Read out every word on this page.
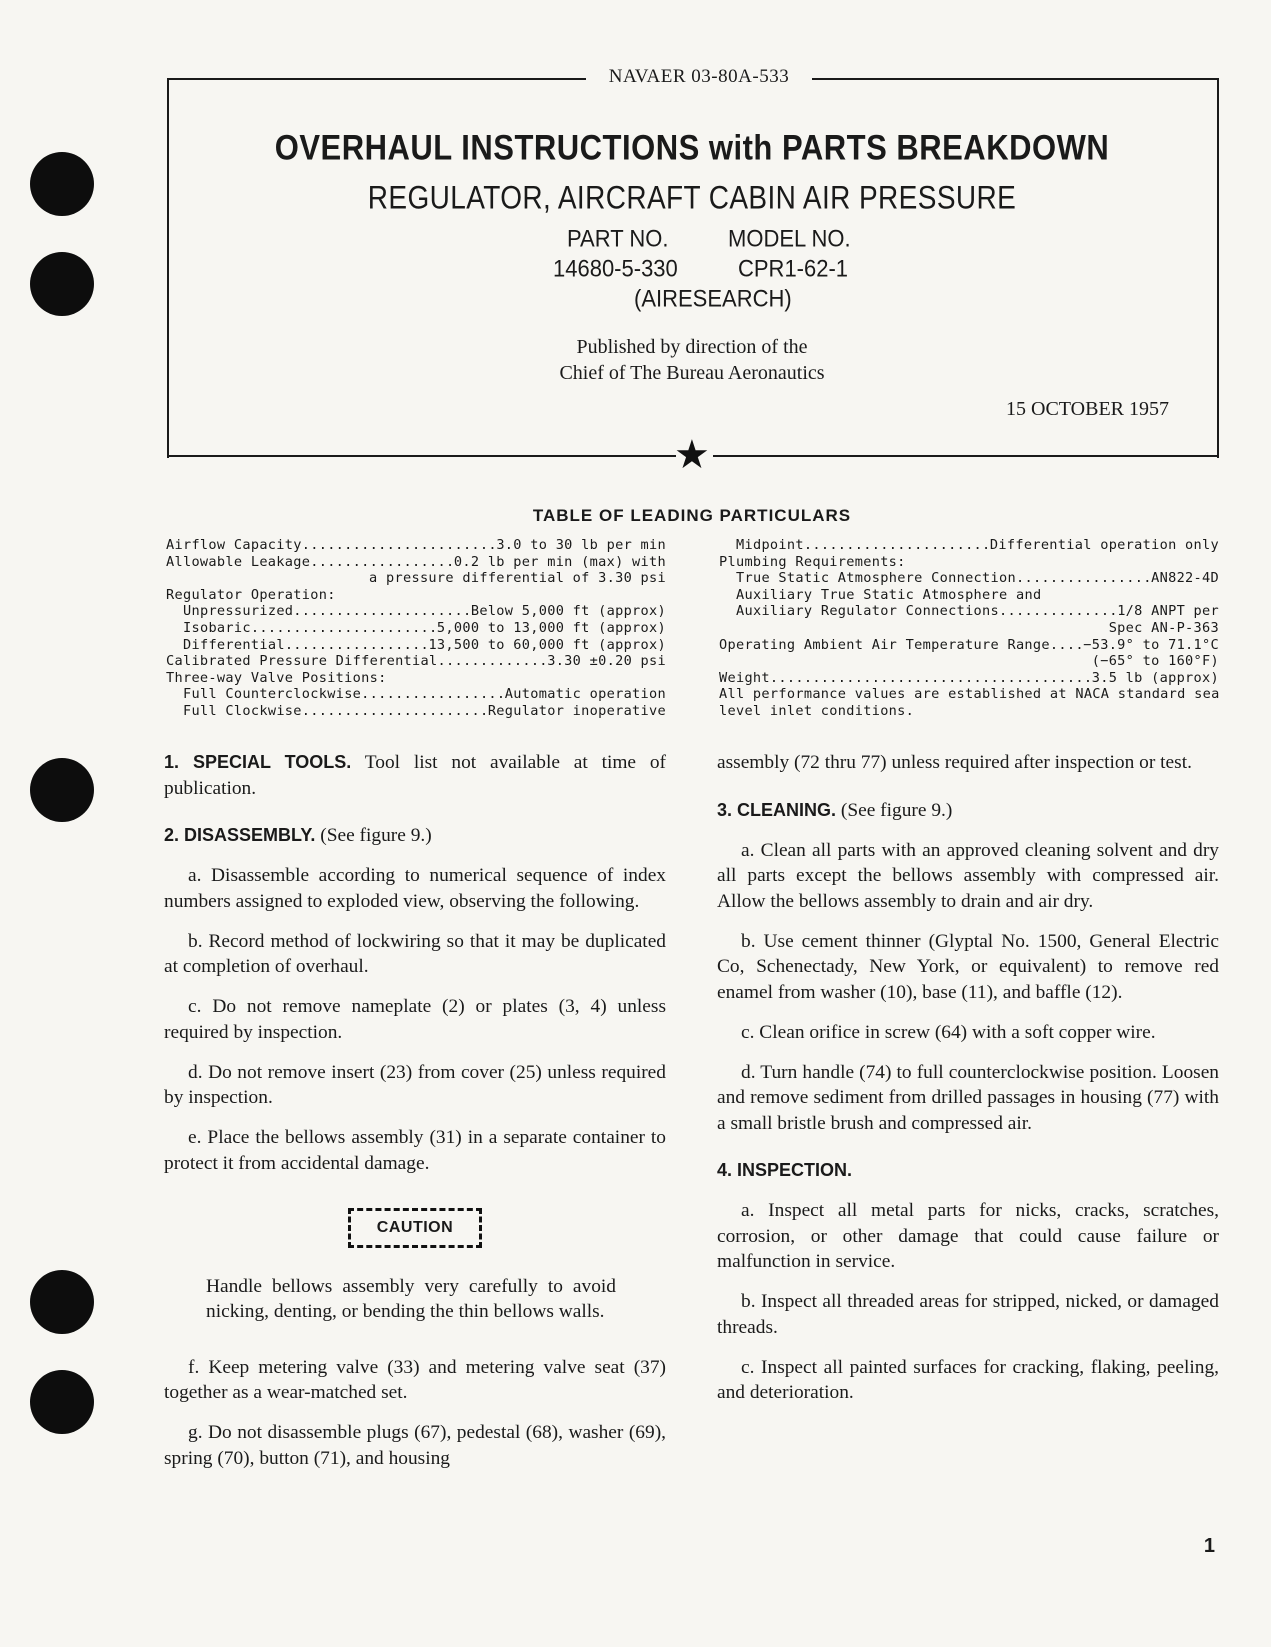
★
NAVAER 03-80A-533
OVERHAUL INSTRUCTIONS with PARTS BREAKDOWN
REGULATOR, AIRCRAFT CABIN AIR PRESSURE
PART NO.	MODEL NO.
14680-5-330	CPR1-62-1
(AIRESEARCH)
Published by direction of the
Chief of The Bureau Aeronautics
15 OCTOBER 1957
TABLE OF LEADING PARTICULARS
Airflow Capacity .....	3.0 to 30 lb per min
Allowable Leakage .....	0.2 lb per min (max) with
a pressure differential of 3.30 psi
Regulator Operation:
Unpressurized .....	Below 5,000 ft (approx)
Isobaric .....	5,000 to 13,000 ft (approx)
Differential .....	13,500 to 60,000 ft (approx)
Calibrated Pressure Differential .....	3.30 ±0.20 psi
Three-way Valve Positions:
Full Counterclockwise .....	Automatic operation
Full Clockwise .....	Regulator inoperative
Midpoint .....	Differential operation only
Plumbing Requirements:
True Static Atmosphere Connection .....	AN822-4D
Auxiliary True Static Atmosphere and
Auxiliary Regulator Connections .....	1/8 ANPT per
Spec AN-P-363
Operating Ambient Air Temperature Range ..... −53.9° to 71.1°C
(−65° to 160°F)
Weight .....	3.5 lb (approx)
All performance values are established at NACA standard sea
level inlet conditions.

1. SPECIAL TOOLS. Tool list not available at time of publication.

2. DISASSEMBLY. (See figure 9.)

a. Disassemble according to numerical sequence of index numbers assigned to exploded view, observing the following.

b. Record method of lockwiring so that it may be duplicated at completion of overhaul.

c. Do not remove nameplate (2) or plates (3, 4) unless required by inspection.

d. Do not remove insert (23) from cover (25) unless required by inspection.

e. Place the bellows assembly (31) in a separate container to protect it from accidental damage.

CAUTION

Handle bellows assembly very carefully to avoid nicking, denting, or bending the thin bellows walls.

f. Keep metering valve (33) and metering valve seat (37) together as a wear-matched set.

g. Do not disassemble plugs (67), pedestal (68), washer (69), spring (70), button (71), and housing

assembly (72 thru 77) unless required after inspection or test.

3. CLEANING. (See figure 9.)

a. Clean all parts with an approved cleaning solvent and dry all parts except the bellows assembly with compressed air. Allow the bellows assembly to drain and air dry.

b. Use cement thinner (Glyptal No. 1500, General Electric Co, Schenectady, New York, or equivalent) to remove red enamel from washer (10), base (11), and baffle (12).

c. Clean orifice in screw (64) with a soft copper wire.

d. Turn handle (74) to full counterclockwise position. Loosen and remove sediment from drilled passages in housing (77) with a small bristle brush and compressed air.

4. INSPECTION.

a. Inspect all metal parts for nicks, cracks, scratches, corrosion, or other damage that could cause failure or malfunction in service.

b. Inspect all threaded areas for stripped, nicked, or damaged threads.

c. Inspect all painted surfaces for cracking, flaking, peeling, and deterioration.

1
